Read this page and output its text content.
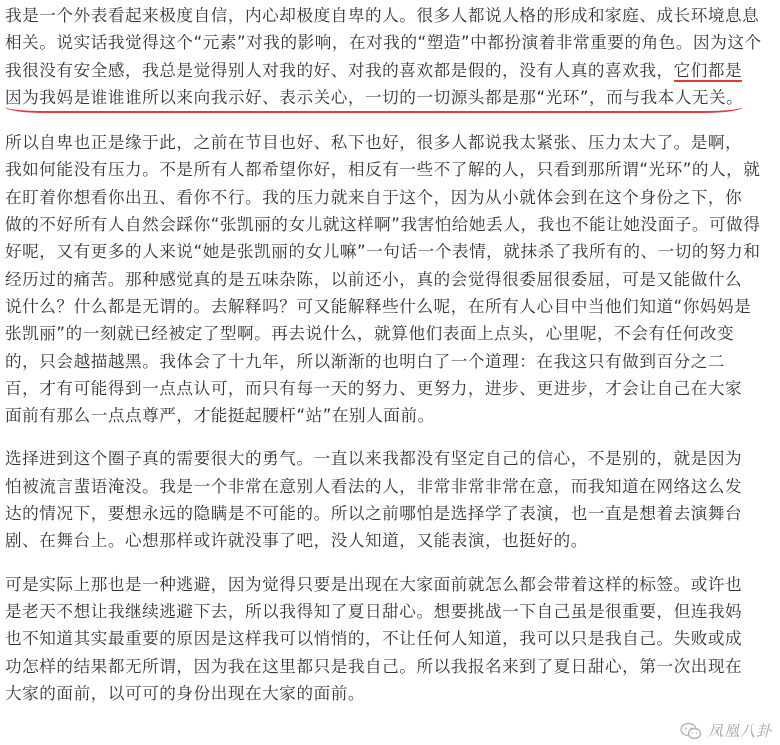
我是一个外表看起来极度自信，内心却极度自卑的人。很多人都说人格的形成和家庭、成长环境息息
相关。说实话我觉得这个“元素”对我的影响，在对我的“塑造”中都扮演着非常重要的角色。因为这个
我很没有安全感，我总是觉得别人对我的好、对我的喜欢都是假的，没有人真的喜欢我，它们都是
因为我妈是谁谁谁所以来向我示好、表示关心，一切的一切源头都是那“光环”，而与我本人无关。

所以自卑也正是缘于此，之前在节目也好、私下也好，很多人都说我太紧张、压力太大了。是啊，
我如何能没有压力。不是所有人都希望你好，相反有一些不了解的人，只看到那所谓“光环”的人，就
在盯着你想看你出丑、看你不行。我的压力就来自于这个，因为从小就体会到在这个身份之下，你
做的不好所有人自然会踩你“张凯丽的女儿就这样啊”我害怕给她丢人，我也不能让她没面子。可做得
好呢，又有更多的人来说“她是张凯丽的女儿嘛”一句话一个表情，就抹杀了我所有的、一切的努力和
经历过的痛苦。那种感觉真的是五味杂陈，以前还小，真的会觉得很委屈很委屈，可是又能做什么
说什么？什么都是无谓的。去解释吗？可又能解释些什么呢，在所有人心目中当他们知道“你妈妈是
张凯丽”的一刻就已经被定了型啊。再去说什么，就算他们表面上点头，心里呢，不会有任何改变
的，只会越描越黑。我体会了十九年，所以渐渐的也明白了一个道理：在我这只有做到百分之二
百，才有可能得到一点点认可，而只有每一天的努力、更努力，进步、更进步，才会让自己在大家
面前有那么一点点尊严，才能挺起腰杆“站”在别人面前。

选择进到这个圈子真的需要很大的勇气。一直以来我都没有坚定自己的信心，不是别的，就是因为
怕被流言蜚语淹没。我是一个非常在意别人看法的人，非常非常非常在意，而我知道在网络这么发
达的情况下，要想永远的隐瞒是不可能的。所以之前哪怕是选择学了表演，也一直是想着去演舞台
剧、在舞台上。心想那样或许就没事了吧，没人知道，又能表演，也挺好的。

可是实际上那也是一种逃避，因为觉得只要是出现在大家面前就怎么都会带着这样的标签。或许也
是老天不想让我继续逃避下去，所以我得知了夏日甜心。想要挑战一下自己虽是很重要，但连我妈
也不知道其实最重要的原因是这样我可以悄悄的，不让任何人知道，我可以只是我自己。失败或成
功怎样的结果都无所谓，因为我在这里都只是我自己。所以我报名来到了夏日甜心，第一次出现在
大家的面前，以可可的身份出现在大家的面前。

凤凰八卦
